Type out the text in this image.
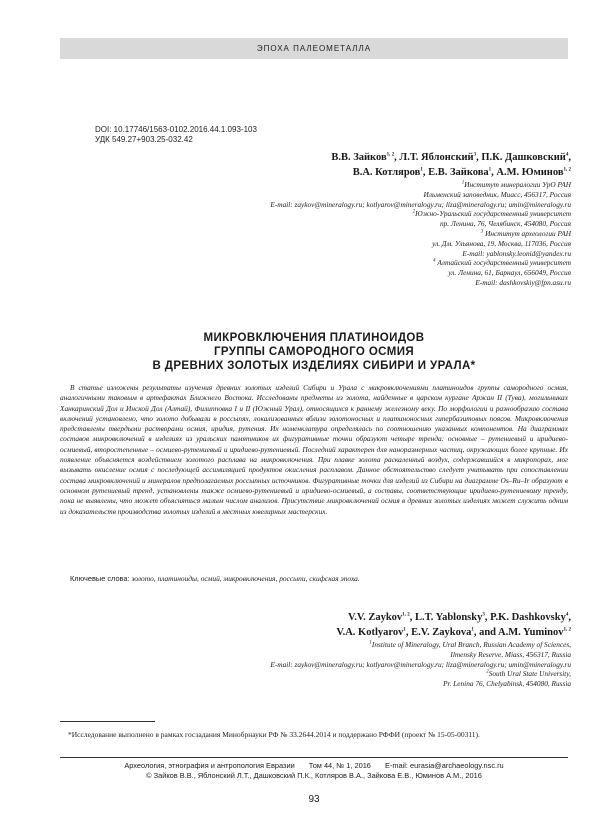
ЭПОХА ПАЛЕОМЕТАЛЛА
DOI: 10.17746/1563-0102.2016.44.1.093-103
УДК 549.27+903.25-032.42
В.В. Зайков$^{1, 2}$, Л.Т. Яблонский$^3$, П.К. Дашковский$^4$,
В.А. Котляров$^1$, Е.В. Зайкова$^1$, А.М. Юминов$^{1, 2}$
$^1$Институт минералогии УрО РАН
Ильменский заповедник, Миасс, 456317, Россия
E-mail: zaykov@mineralogy.ru; kotlyarov@mineralogy.ru; lizа@mineralogy.ru; umin@mineralogy.ru
$^2$Южно-Уральский государственный университет
пр. Ленина, 76, Челябинск, 454080, Россия
$^3$ Институт археологии РАН
ул. Дм. Ульянова, 19, Москва, 117036, Россия
E-mail: yablonsky.leonid@yandex.ru
$^4$ Алтайский государственный университет
ул. Ленина, 61, Барнаул, 656049, Россия
E-mail: dashkovskiy@fpn.asu.ru
МИКРОВКЛЮЧЕНИЯ ПЛАТИНОИДОВ
ГРУППЫ САМОРОДНОГО ОСМИЯ
В ДРЕВНИХ ЗОЛОТЫХ ИЗДЕЛИЯХ СИБИРИ И УРАЛА*
В статье изложены результаты изучения древних золотых изделий Сибири и Урала с микровключениями платиноидов группы самородного осмия, аналогичными таковым в артефактах Ближнего Востока. Исследованы предметы из золота, найденные в царском кургане Аржан II (Тува), могильниках Ханкаринский Дол и Инской Дол (Алтай), Филипповка I и II (Южный Урал), относящихся к раннему железному веку. По морфологии и разнообразию состава включений установлено, что золото добывали в россыпях, локализованных вблизи золотоносных и платиноносных гипербазитовых поясов. Микровключения представлены твердыми растворами осмия, иридия, рутения. Их номенклатура определялась по соотношению указанных компонентов. На диаграммах составов микровключений в изделиях из уральских памятников их фигуративные точки образуют четыре тренда: основные – рутениевый и иридиево-осмиевый, второстепенные – осмиево-рутениевый и иридиево-рутениевый. Последний характерен для наноразмерных частиц, окружающих более крупные. Их появление объясняется воздействием золотого расплава на микровключения. При плавке золота раскаленный воздух, содержавшийся в микропорах, мог вызывать окисление осмия с последующей ассимиляцией продуктов окисления расплавом. Данное обстоятельство следует учитывать при сопоставлении состава микровключений и минералов предполагаемых россыпных источников. Фигуративные точки для изделий из Сибири на диаграмме Os–Ru–Ir образуют в основном рутениевый тренд, установлены также осмиево-рутениевый и иридиево-осмиевый, а составы, соответствующие иридиево-рутениевому тренду, пока не выявлены, что может объясняться малым числом анализов. Присутствие микровключений осмия в древних золотых изделиях может служить одним из доказательств производства золотых изделий в местных ювелирных мастерских.
Ключевые слова: золото, платиноиды, осмий, микровключения, россыпи, скифская эпоха.
V.V. Zaykov$^{1, 2}$, L.T. Yablonsky$^3$, P.K. Dashkovsky$^4$,
V.A. Kotlyarov$^1$, E.V. Zaykova$^1$, and A.M. Yuminov$^{1, 2}$
$^1$Institute of Mineralogy, Ural Branch, Russian Academy of Sciences,
Ilmensky Reserve, Miass, 456317, Russia
E-mail: zaykov@mineralogy.ru; kotlyarov@mineralogy.ru; liza@mineralogy.ru; umin@mineralogy.ru
$^2$South Ural State University,
Pr. Lenina 76, Chelyabinsk, 454080, Russia
*Исследование выполнено в рамках госзадания Минобрнауки РФ № 33.2644.2014 и поддержано РФФИ (проект № 15-05-00311).
Археология, этнография и антропология Евразии Том 44, № 1, 2016 E-mail: eurasia@archaeology.nsc.ru
© Зайков В.В., Яблонский Л.Т., Дашковский П.К., Котляров В.А., Зайкова Е.В., Юминов А.М., 2016
93
